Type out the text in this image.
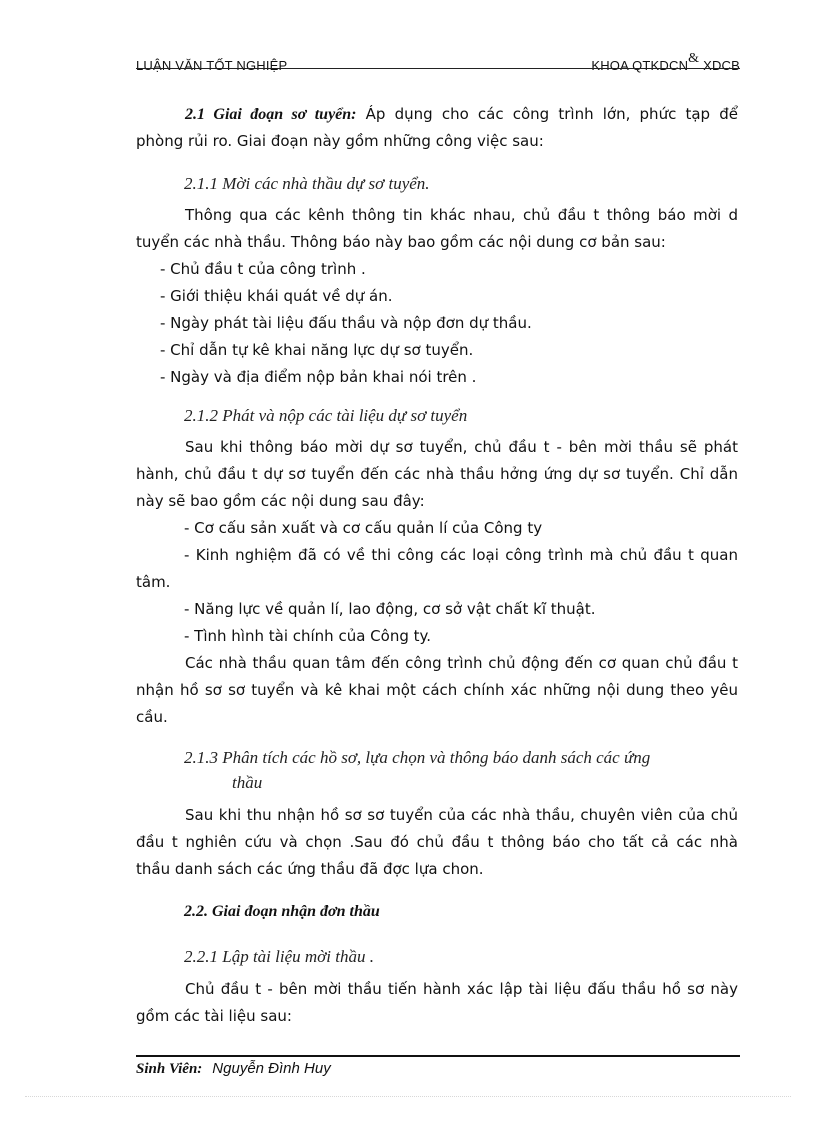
LUẬN VĂN TỐT NGHIỆP	KHOA QTKDCN& XDCB
2.1 Giai đoạn sơ tuyển: Áp dụng cho các công trình lớn, phức tạp để
phòng rủi ro. Giai đoạn này gồm những công việc sau:
2.1.1 Mời các nhà thầu dự sơ tuyển.
Thông qua các kênh thông tin khác nhau, chủ đầu t thông báo mời d
tuyển các nhà thầu. Thông báo này bao gồm các nội dung cơ bản sau:
- Chủ đầu t của công trình .
- Giới thiệu khái quát về dự án.
- Ngày phát tài liệu đấu thầu và nộp đơn dự thầu.
- Chỉ dẫn tự kê khai năng lực dự sơ tuyển.
- Ngày và địa điểm nộp bản khai nói trên .
2.1.2 Phát và nộp các tài liệu dự sơ tuyển
Sau khi thông báo mời dự sơ tuyển, chủ đầu t - bên mời thầu sẽ phát
hành, chủ đầu t dự sơ tuyển đến các nhà thầu hởng ứng dự sơ tuyển. Chỉ dẫn
này sẽ bao gồm các nội dung sau đây:
- Cơ cấu sản xuất và cơ cấu quản lí của Công ty
- Kinh nghiệm đã có về thi công các loại công trình mà chủ đầu t quan
tâm.
- Năng lực về quản lí, lao động, cơ sở vật chất kĩ thuật.
- Tình hình tài chính của Công ty.
Các nhà thầu quan tâm đến công trình chủ động đến cơ quan chủ đầu t
nhận hồ sơ sơ tuyển và kê khai một cách chính xác những nội dung theo yêu
cầu.
2.1.3 Phân tích các hồ sơ, lựa chọn và thông báo danh sách các ứng
thầu
Sau khi thu nhận hồ sơ sơ tuyển của các nhà thầu, chuyên viên của chủ
đầu t nghiên cứu và chọn .Sau đó chủ đầu t thông báo cho tất cả các nhà
thầu danh sách các ứng thầu đã đợc lựa chon.
2.2. Giai đoạn nhận đơn thầu
2.2.1 Lập tài liệu mời thầu .
Chủ đầu t - bên mời thầu tiến hành xác lập tài liệu đấu thầu hồ sơ này
gồm các tài liệu sau:
Sinh Viên: Nguyễn Đình Huy
